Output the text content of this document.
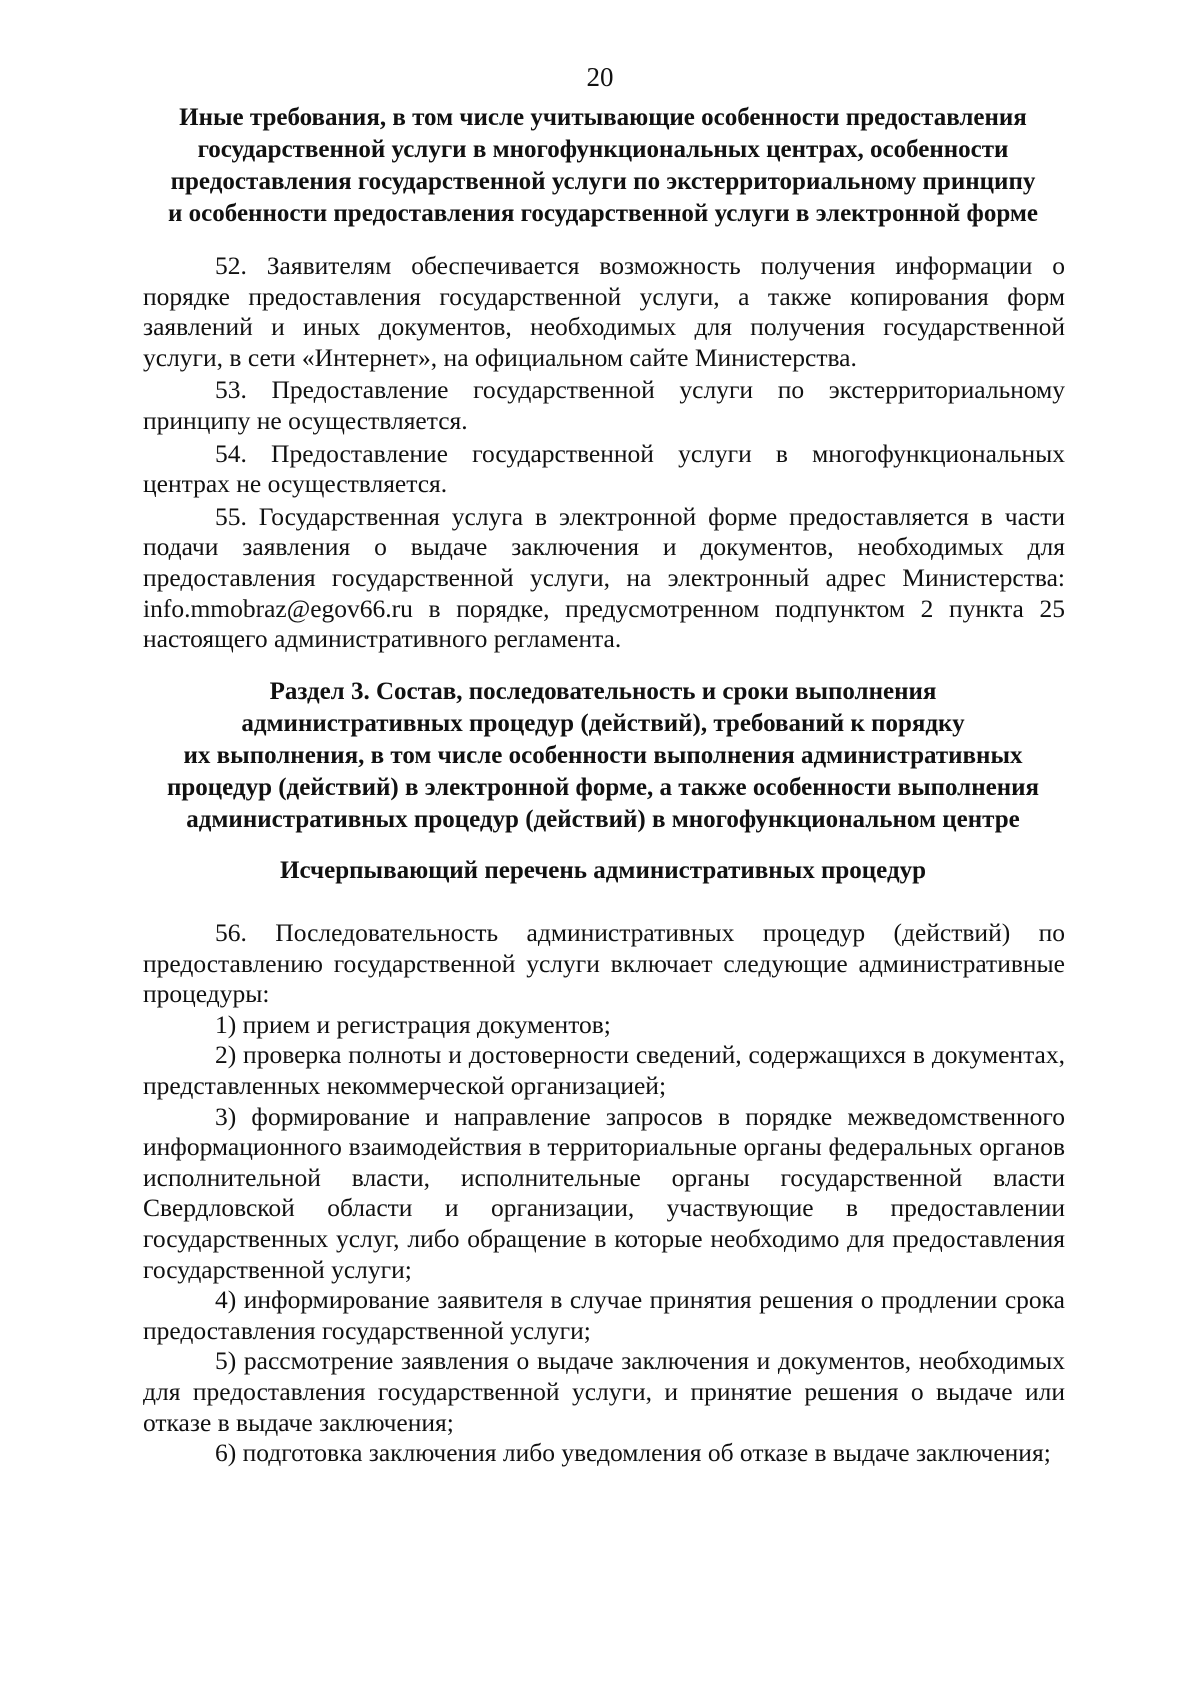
20
Иные требования, в том числе учитывающие особенности предоставления
государственной услуги в многофункциональных центрах, особенности
предоставления государственной услуги по экстерриториальному принципу
и особенности предоставления государственной услуги в электронной форме

52. Заявителям обеспечивается возможность получения информации о порядке предоставления государственной услуги, а также копирования форм заявлений и иных документов, необходимых для получения государственной услуги, в сети «Интернет», на официальном сайте Министерства.

53. Предоставление государственной услуги по экстерриториальному принципу не осуществляется.

54. Предоставление государственной услуги в многофункциональных центрах не осуществляется.

55. Государственная услуга в электронной форме предоставляется в части подачи заявления о выдаче заключения и документов, необходимых для предоставления государственной услуги, на электронный адрес Министерства: info.mmobraz@egov66.ru в порядке, предусмотренном подпунктом 2 пункта 25 настоящего административного регламента.

Раздел 3. Состав, последовательность и сроки выполнения
административных процедур (действий), требований к порядку
их выполнения, в том числе особенности выполнения административных
процедур (действий) в электронной форме, а также особенности выполнения
административных процедур (действий) в многофункциональном центре
Исчерпывающий перечень административных процедур

56. Последовательность административных процедур (действий) по предоставлению государственной услуги включает следующие административные процедуры:

1) прием и регистрация документов;

2) проверка полноты и достоверности сведений, содержащихся в документах, представленных некоммерческой организацией;

3) формирование и направление запросов в порядке межведомственного информационного взаимодействия в территориальные органы федеральных органов исполнительной власти, исполнительные органы государственной власти Свердловской области и организации, участвующие в предоставлении государственных услуг, либо обращение в которые необходимо для предоставления государственной услуги;

4) информирование заявителя в случае принятия решения о продлении срока предоставления государственной услуги;

5) рассмотрение заявления о выдаче заключения и документов, необходимых для предоставления государственной услуги, и принятие решения о выдаче или отказе в выдаче заключения;

6) подготовка заключения либо уведомления об отказе в выдаче заключения;
